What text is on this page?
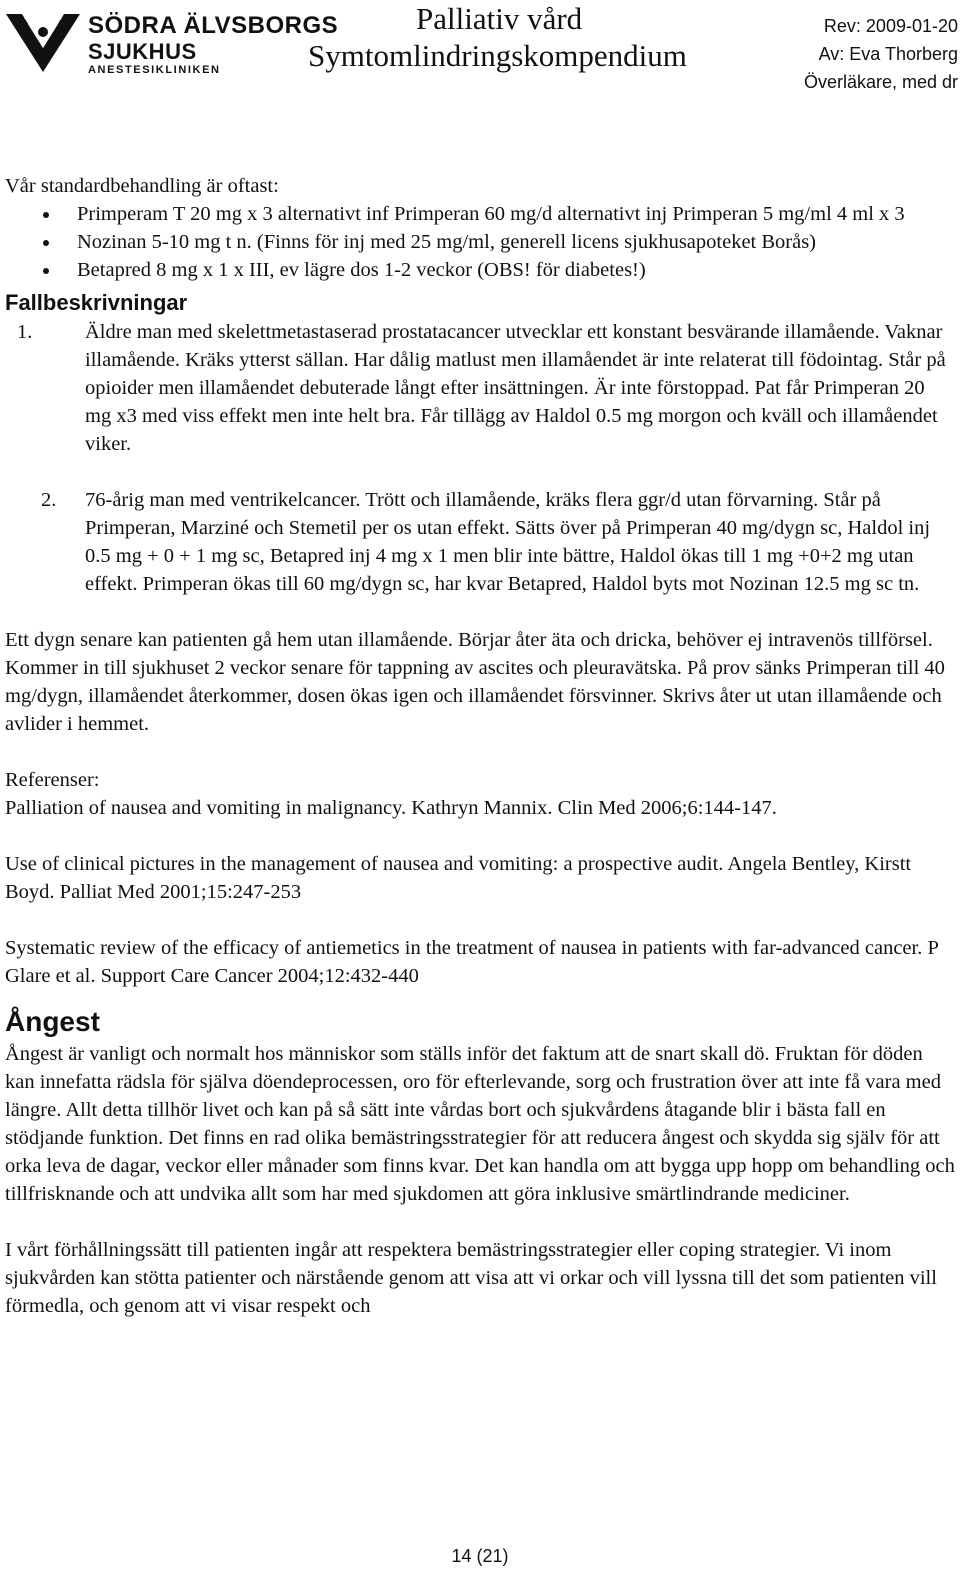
SÖDRA ÄLVSBORGS
SJUKHUS
ANESTESIKLINIKEN
Palliativ vård
Symtomlindringskompendium
Rev: 2009-01-20
Av: Eva Thorberg
Överläkare, med dr

Vår standardbehandling är oftast:

Primperam T 20 mg x 3 alternativt inf Primperan 60 mg/d alternativt inj Primperan 5 mg/ml 4 ml x 3
Nozinan 5-10 mg t n. (Finns för inj med 25 mg/ml, generell licens sjukhusapoteket Borås)
Betapred 8 mg x 1 x III, ev lägre dos 1-2 veckor (OBS! för diabetes!)
Fallbeskrivningar
1.	Äldre man med skelettmetastaserad prostatacancer utvecklar ett konstant besvärande illamående. Vaknar illamående. Kräks ytterst sällan. Har dålig matlust men illamåendet är inte relaterat till födointag. Står på opioider men illamåendet debuterade långt efter insättningen. Är inte förstoppad. Pat får Primperan 20 mg x3 med viss effekt men inte helt bra. Får tillägg av Haldol 0.5 mg morgon och kväll och illamåendet viker.
2. 76-årig man med ventrikelcancer. Trött och illamående, kräks flera ggr/d utan förvarning. Står på Primperan, Marziné och Stemetil per os utan effekt. Sätts över på Primperan 40 mg/dygn sc, Haldol inj 0.5 mg + 0 + 1 mg sc, Betapred inj 4 mg x 1 men blir inte bättre, Haldol ökas till 1 mg +0+2 mg utan effekt. Primperan ökas till 60 mg/dygn sc, har kvar Betapred, Haldol byts mot Nozinan 12.5 mg sc tn.

Ett dygn senare kan patienten gå hem utan illamående. Börjar åter äta och dricka, behöver ej intravenös tillförsel. Kommer in till sjukhuset 2 veckor senare för tappning av ascites och pleuravätska. På prov sänks Primperan till 40 mg/dygn, illamåendet återkommer, dosen ökas igen och illamåendet försvinner. Skrivs åter ut utan illamående och avlider i hemmet.

Referenser:

Palliation of nausea and vomiting in malignancy. Kathryn Mannix. Clin Med 2006;6:144-147.

Use of clinical pictures in the management of nausea and vomiting: a prospective audit. Angela Bentley, Kirstt Boyd. Palliat Med 2001;15:247-253

Systematic review of the efficacy of antiemetics in the treatment of nausea in patients with far-advanced cancer. P Glare et al. Support Care Cancer 2004;12:432-440

Ångest

Ångest är vanligt och normalt hos människor som ställs inför det faktum att de snart skall dö. Fruktan för döden kan innefatta rädsla för själva döendeprocessen, oro för efterlevande, sorg och frustration över att inte få vara med längre. Allt detta tillhör livet och kan på så sätt inte vårdas bort och sjukvårdens åtagande blir i bästa fall en stödjande funktion. Det finns en rad olika bemästringsstrategier för att reducera ångest och skydda sig själv för att orka leva de dagar, veckor eller månader som finns kvar. Det kan handla om att bygga upp hopp om behandling och tillfrisknande och att undvika allt som har med sjukdomen att göra inklusive smärtlindrande mediciner.

I vårt förhållningssätt till patienten ingår att respektera bemästringsstrategier eller coping strategier. Vi inom sjukvården kan stötta patienter och närstående genom att visa att vi orkar och vill lyssna till det som patienten vill förmedla, och genom att vi visar respekt och

14 (21)
